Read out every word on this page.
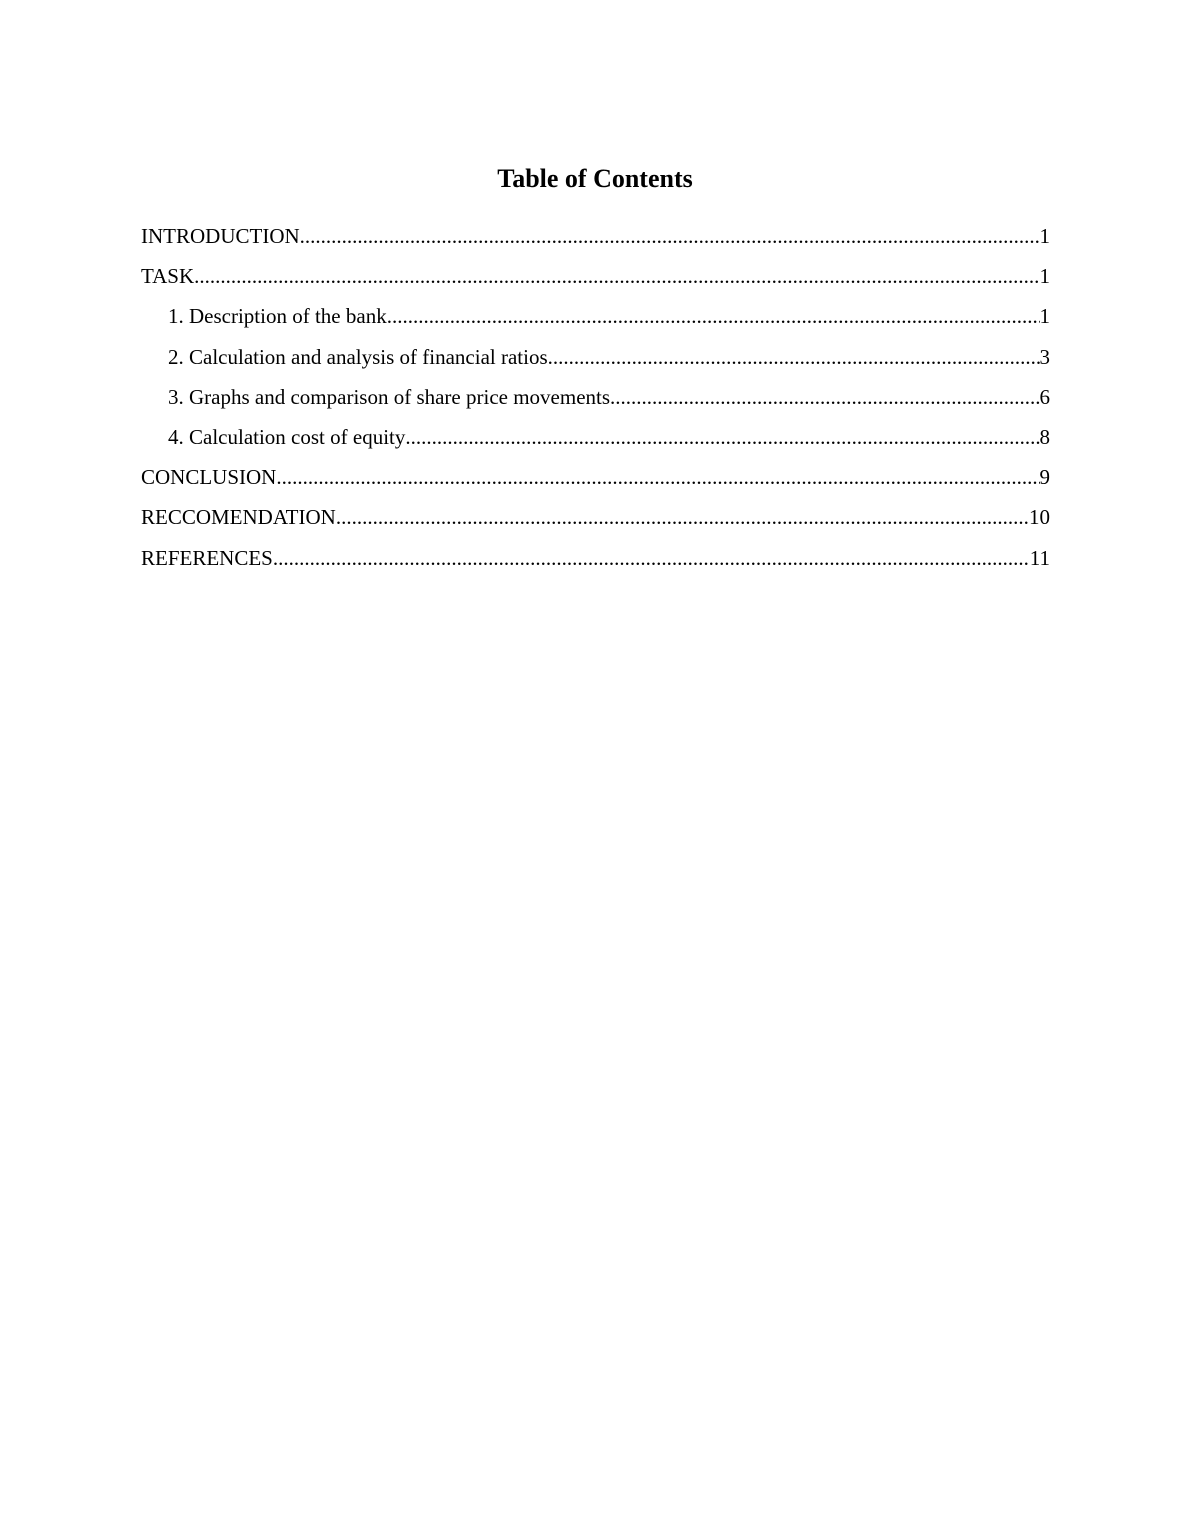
Table of Contents
INTRODUCTION .....	1
TASK .....	1
1. Description of the bank .....	1
2. Calculation and analysis of financial ratios .....	3
3. Graphs and comparison of share price movements .....	6
4. Calculation cost of equity .....	8
CONCLUSION .....	9
RECCOMENDATION .....	10
REFERENCES .....	11
